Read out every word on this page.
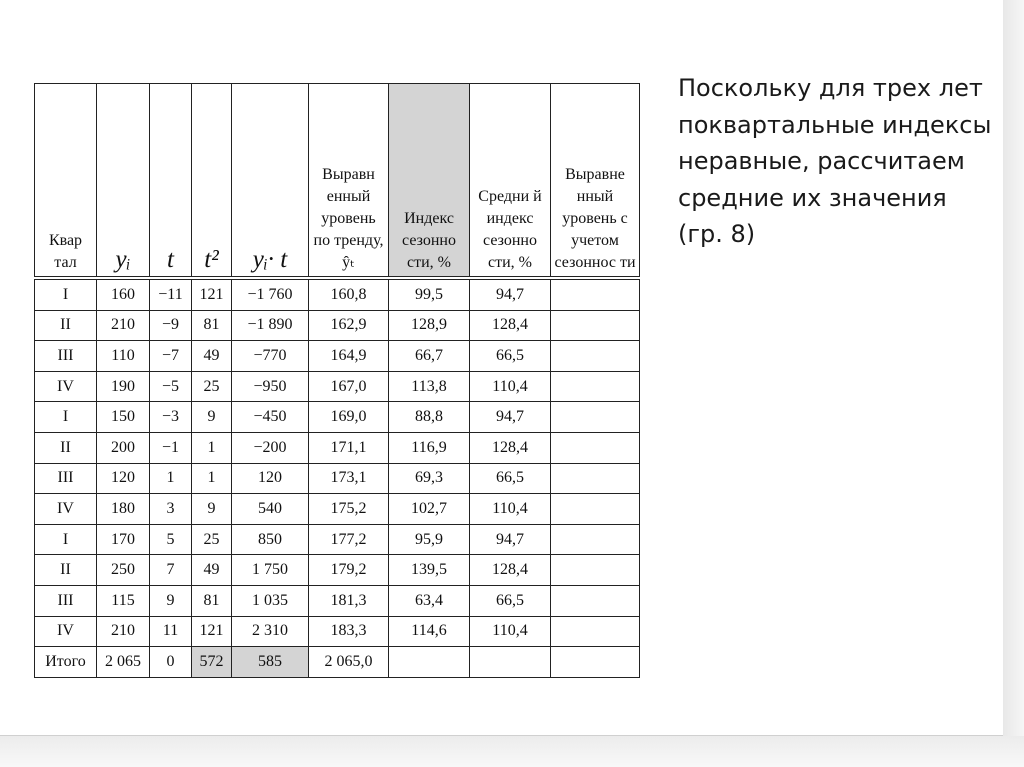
Квар тал	yᵢ	t	t²	yᵢ· t	Выравн енный уровень по тренду, ŷₜ	Индекс сезонно сти, %	Средни й индекс сезонно сти, %	Выравне нный уровень с учетом сезоннос ти

I	160	−11	121	−1 760	160,8	99,5	94,7	
II	210	−9	81	−1 890	162,9	128,9	128,4	
III	110	−7	49	−770	164,9	66,7	66,5	
IV	190	−5	25	−950	167,0	113,8	110,4	
I	150	−3	9	−450	169,0	88,8	94,7	
II	200	−1	1	−200	171,1	116,9	128,4	
III	120	1	1	120	173,1	69,3	66,5	
IV	180	3	9	540	175,2	102,7	110,4	
I	170	5	25	850	177,2	95,9	94,7	
II	250	7	49	1 750	179,2	139,5	128,4	
III	115	9	81	1 035	181,3	63,4	66,5	
IV	210	11	121	2 310	183,3	114,6	110,4	
Итого	2 065	0	572	585	2 065,0			
Поскольку для трех лет поквартальные индексы неравные, рассчитаем средние их значения (гр. 8)
